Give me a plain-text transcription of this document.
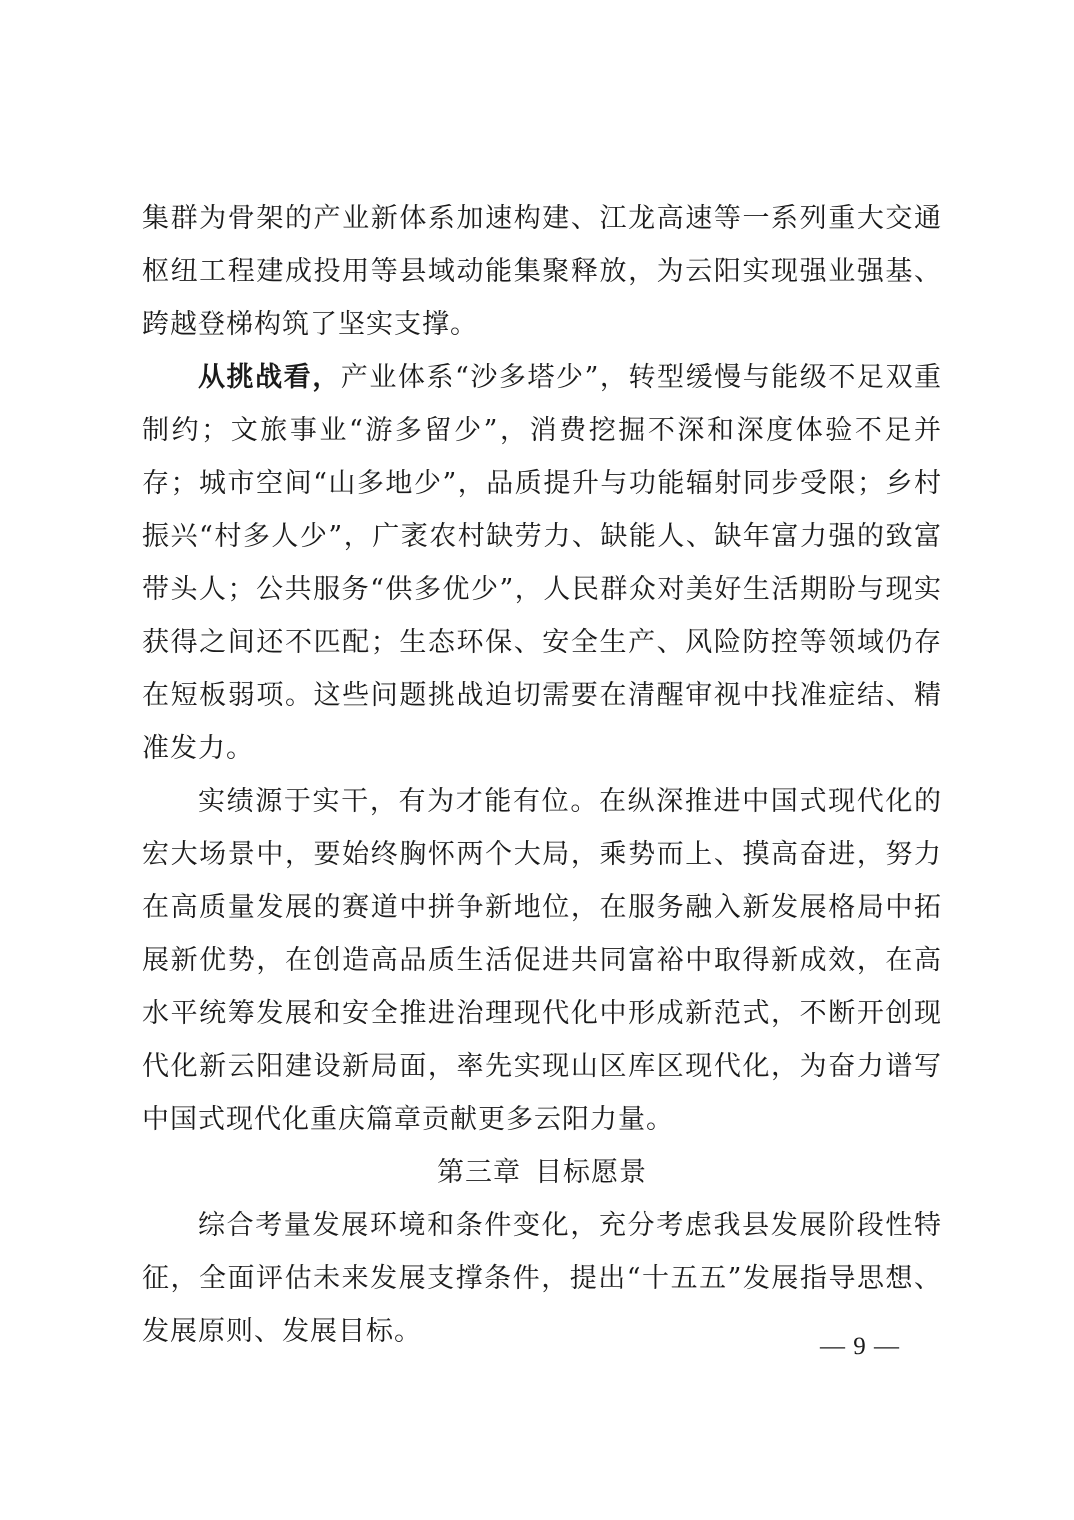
集群为骨架的产业新体系加速构建、江龙高速等一系列重大交通枢纽工程建成投用等县域动能集聚释放，为云阳实现强业强基、跨越登梯构筑了坚实支撑。

从挑战看，产业体系“沙多塔少”，转型缓慢与能级不足双重制约；文旅事业“游多留少”，消费挖掘不深和深度体验不足并存；城市空间“山多地少”，品质提升与功能辐射同步受限；乡村振兴“村多人少”，广袤农村缺劳力、缺能人、缺年富力强的致富带头人；公共服务“供多优少”，人民群众对美好生活期盼与现实获得之间还不匹配；生态环保、安全生产、风险防控等领域仍存在短板弱项。这些问题挑战迫切需要在清醒审视中找准症结、精准发力。

实绩源于实干，有为才能有位。在纵深推进中国式现代化的宏大场景中，要始终胸怀两个大局，乘势而上、摸高奋进，努力在高质量发展的赛道中拼争新地位，在服务融入新发展格局中拓展新优势，在创造高品质生活促进共同富裕中取得新成效，在高水平统筹发展和安全推进治理现代化中形成新范式，不断开创现代化新云阳建设新局面，率先实现山区库区现代化，为奋力谱写中国式现代化重庆篇章贡献更多云阳力量。

第三章 目标愿景

综合考量发展环境和条件变化，充分考虑我县发展阶段性特征，全面评估未来发展支撑条件，提出“十五五”发展指导思想、发展原则、发展目标。	— 9 —
